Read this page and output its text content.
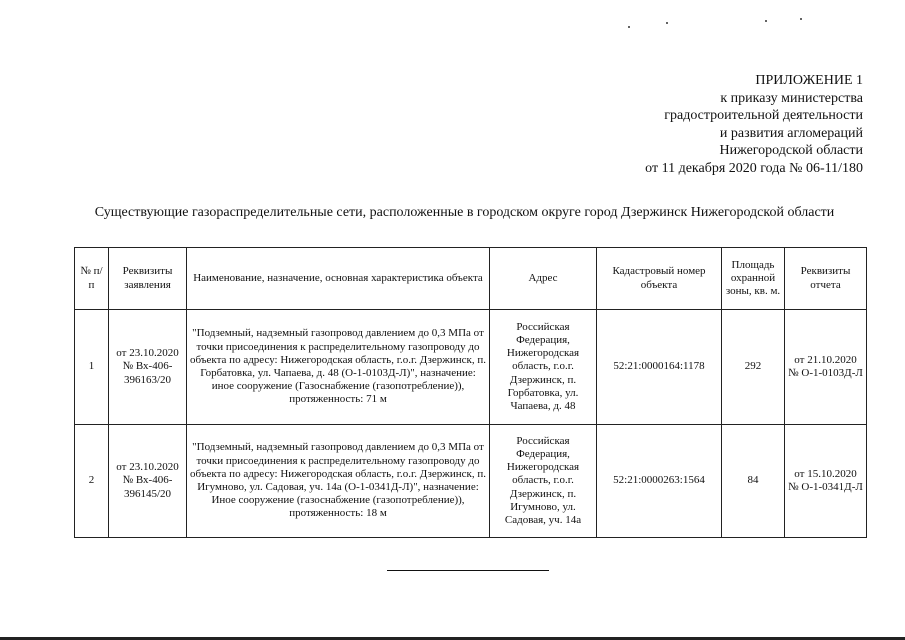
ПРИЛОЖЕНИЕ 1
к приказу министерства
градостроительной деятельности
и развития агломераций
Нижегородской области
от 11 декабря 2020 года № 06-11/180
Существующие газораспределительные сети, расположенные в городском округе город Дзержинск Нижегородской области
№ п/п	Реквизиты заявления	Наименование, назначение, основная характеристика объекта	Адрес	Кадастровый номер объекта	Площадь охранной зоны, кв. м.	Реквизиты отчета
1	от 23.10.2020 № Вх-406-396163/20	"Подземный, надземный газопровод давлением до 0,3 МПа от точки присоединения к распределительному газопроводу до объекта по адресу: Нижегородская область, г.о.г. Дзержинск, п. Горбатовка, ул. Чапаева, д. 48 (О-1-0103Д-Л)", назначение: иное сооружение (Газоснабжение (газопотребление)), протяженность: 71 м	Российская Федерация, Нижегородская область, г.о.г. Дзержинск, п. Горбатовка, ул. Чапаева, д. 48	52:21:0000164:1178	292	от 21.10.2020 № О-1-0103Д-Л
2	от 23.10.2020 № Вх-406-396145/20	"Подземный, надземный газопровод давлением до 0,3 МПа от точки присоединения к распределительному газопроводу до объекта по адресу: Нижегородская область, г.о.г. Дзержинск, п. Игумново, ул. Садовая, уч. 14а (О-1-0341Д-Л)", назначение: Иное сооружение (газоснабжение (газопотребление)), протяженность: 18 м	Российская Федерация, Нижегородская область, г.о.г. Дзержинск, п. Игумново, ул. Садовая, уч. 14а	52:21:0000263:1564	84	от 15.10.2020 № О-1-0341Д-Л
